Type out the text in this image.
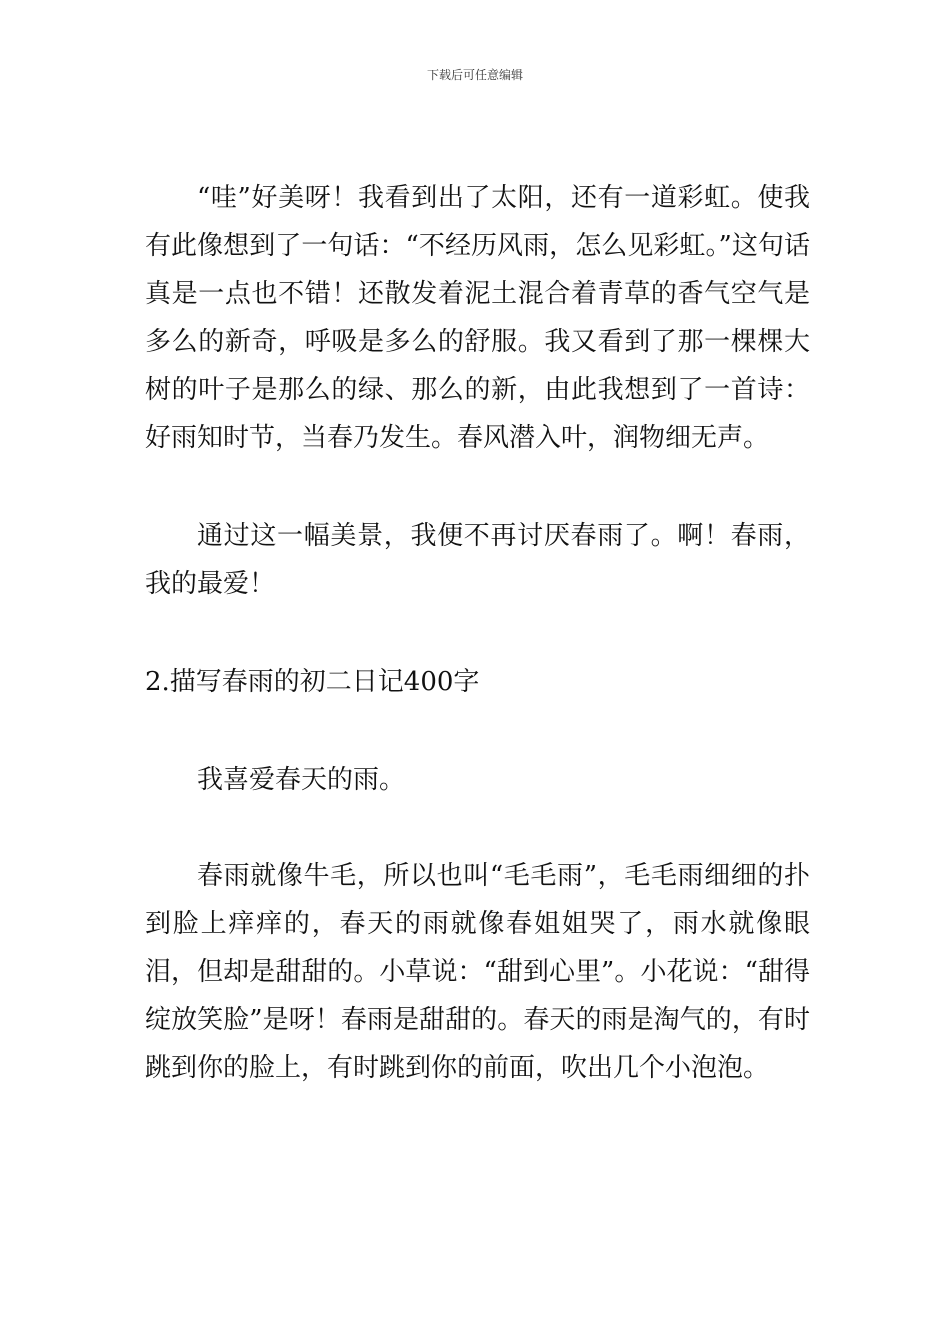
下载后可任意编辑

“哇”好美呀！我看到出了太阳，还有一道彩虹。使我有此像想到了一句话：“不经历风雨，怎么见彩虹。”这句话真是一点也不错！还散发着泥土混合着青草的香气空气是多么的新奇，呼吸是多么的舒服。我又看到了那一棵棵大树的叶子是那么的绿、那么的新，由此我想到了一首诗：好雨知时节，当春乃发生。春风潜入叶，润物细无声。

通过这一幅美景，我便不再讨厌春雨了。啊！春雨，我的最爱！

2.描写春雨的初二日记400字

我喜爱春天的雨。

春雨就像牛毛，所以也叫“毛毛雨”，毛毛雨细细的扑到脸上痒痒的，春天的雨就像春姐姐哭了，雨水就像眼泪，但却是甜甜的。小草说：“甜到心里”。小花说：“甜得绽放笑脸”是呀！春雨是甜甜的。春天的雨是淘气的，有时跳到你的脸上，有时跳到你的前面，吹出几个小泡泡。
